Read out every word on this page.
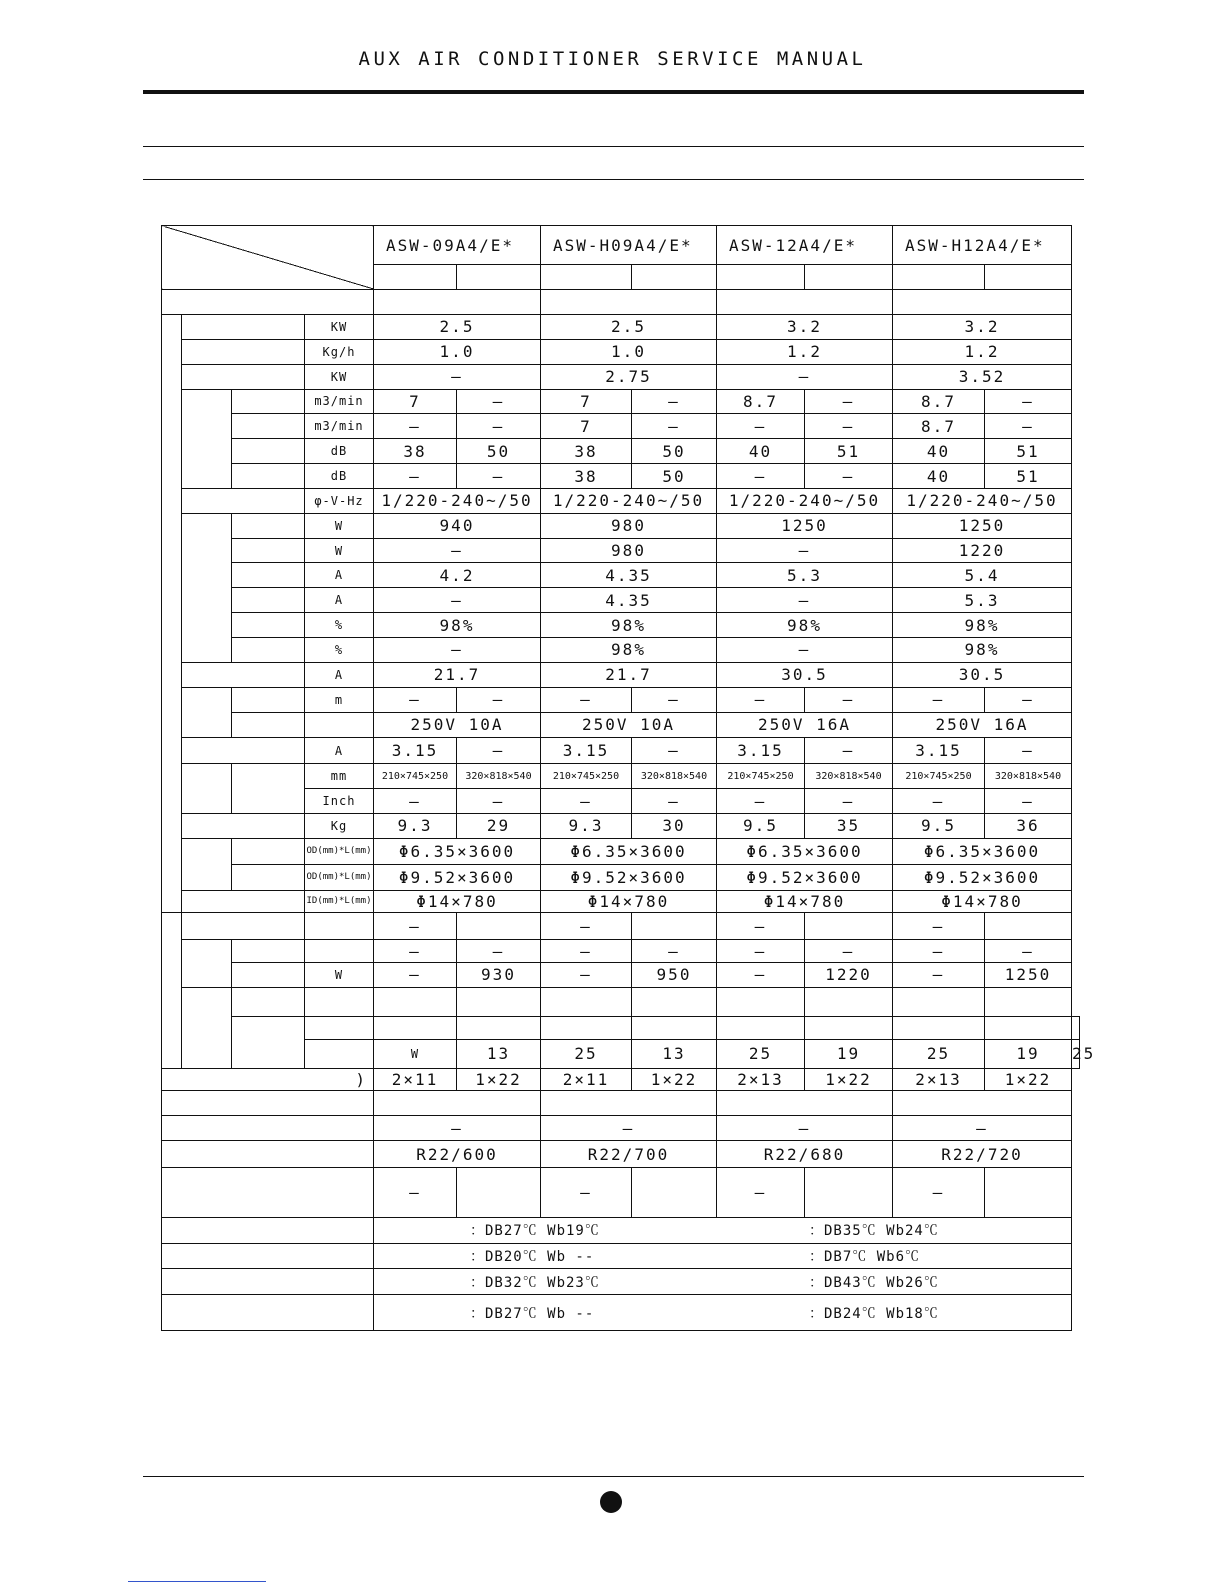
AUX AIR CONDITIONER SERVICE MANUAL
				ASW-09A4/E*		ASW-H09A4/E*		ASW-12A4/E*		ASW-H12A4/E*		

			KW	2.5		2.5		3.2		3.2		
			Kg/h	1.0		1.0		1.2		1.2		
			KW	–		2.75		–		3.52		
			m3/min	7	–	7	–	8.7	–	8.7	–	
			m3/min	–	–	7	–	–	–	8.7	–	
			dB	38	50	38	50	40	51	40	51	
			dB	–	–	38	50	–	–	40	51	
			φ-V-Hz	1/220-240~/50		1/220-240~/50		1/220-240~/50		1/220-240~/50		
			W	940		980		1250		1250		
			W	–		980		–		1220		
			A	4.2		4.35		5.3		5.4		
			A	–		4.35		–		5.3		
			%	98%		98%		98%		98%		
			%	–		98%		–		98%		
			A	21.7		21.7		30.5		30.5		
			m	–	–	–	–	–	–	–	–	
				250V 10A		250V 10A		250V 16A		250V 16A		
			A	3.15	–	3.15	–	3.15	–	3.15	–	
			mm	210×745×250	320×818×540	210×745×250	320×818×540	210×745×250	320×818×540	210×745×250	320×818×540	
			Inch	–	–	–	–	–	–	–	–	
			Kg	9.3	29	9.3	30	9.5	35	9.5	36	
			OD(mm)*L(mm)	Φ6.35×3600		Φ6.35×3600		Φ6.35×3600		Φ6.35×3600		
			OD(mm)*L(mm)	Φ9.52×3600		Φ9.52×3600		Φ9.52×3600		Φ9.52×3600		
			ID(mm)*L(mm)	Φ14×780		Φ14×780		Φ14×780		Φ14×780		
				–		–		–		–		
				–	–	–	–	–	–	–	–	
			W	–	930	–	950	–	1220	–	1250	

				W	13	25	13	25	19	25	19	25
)				2×11	1×22	2×11	1×22	2×13	1×22	2×13	1×22	

				–		–		–		–		
				R22/600		R22/700		R22/680		R22/720		
				–		–		–		–		
				：DB27℃ Wb19℃ ：DB35℃ Wb24℃								
				：DB20℃ Wb -- ：DB7℃ Wb6℃								
				：DB32℃ Wb23℃ ：DB43℃ Wb26℃								
				：DB27℃ Wb -- ：DB24℃ Wb18℃								
